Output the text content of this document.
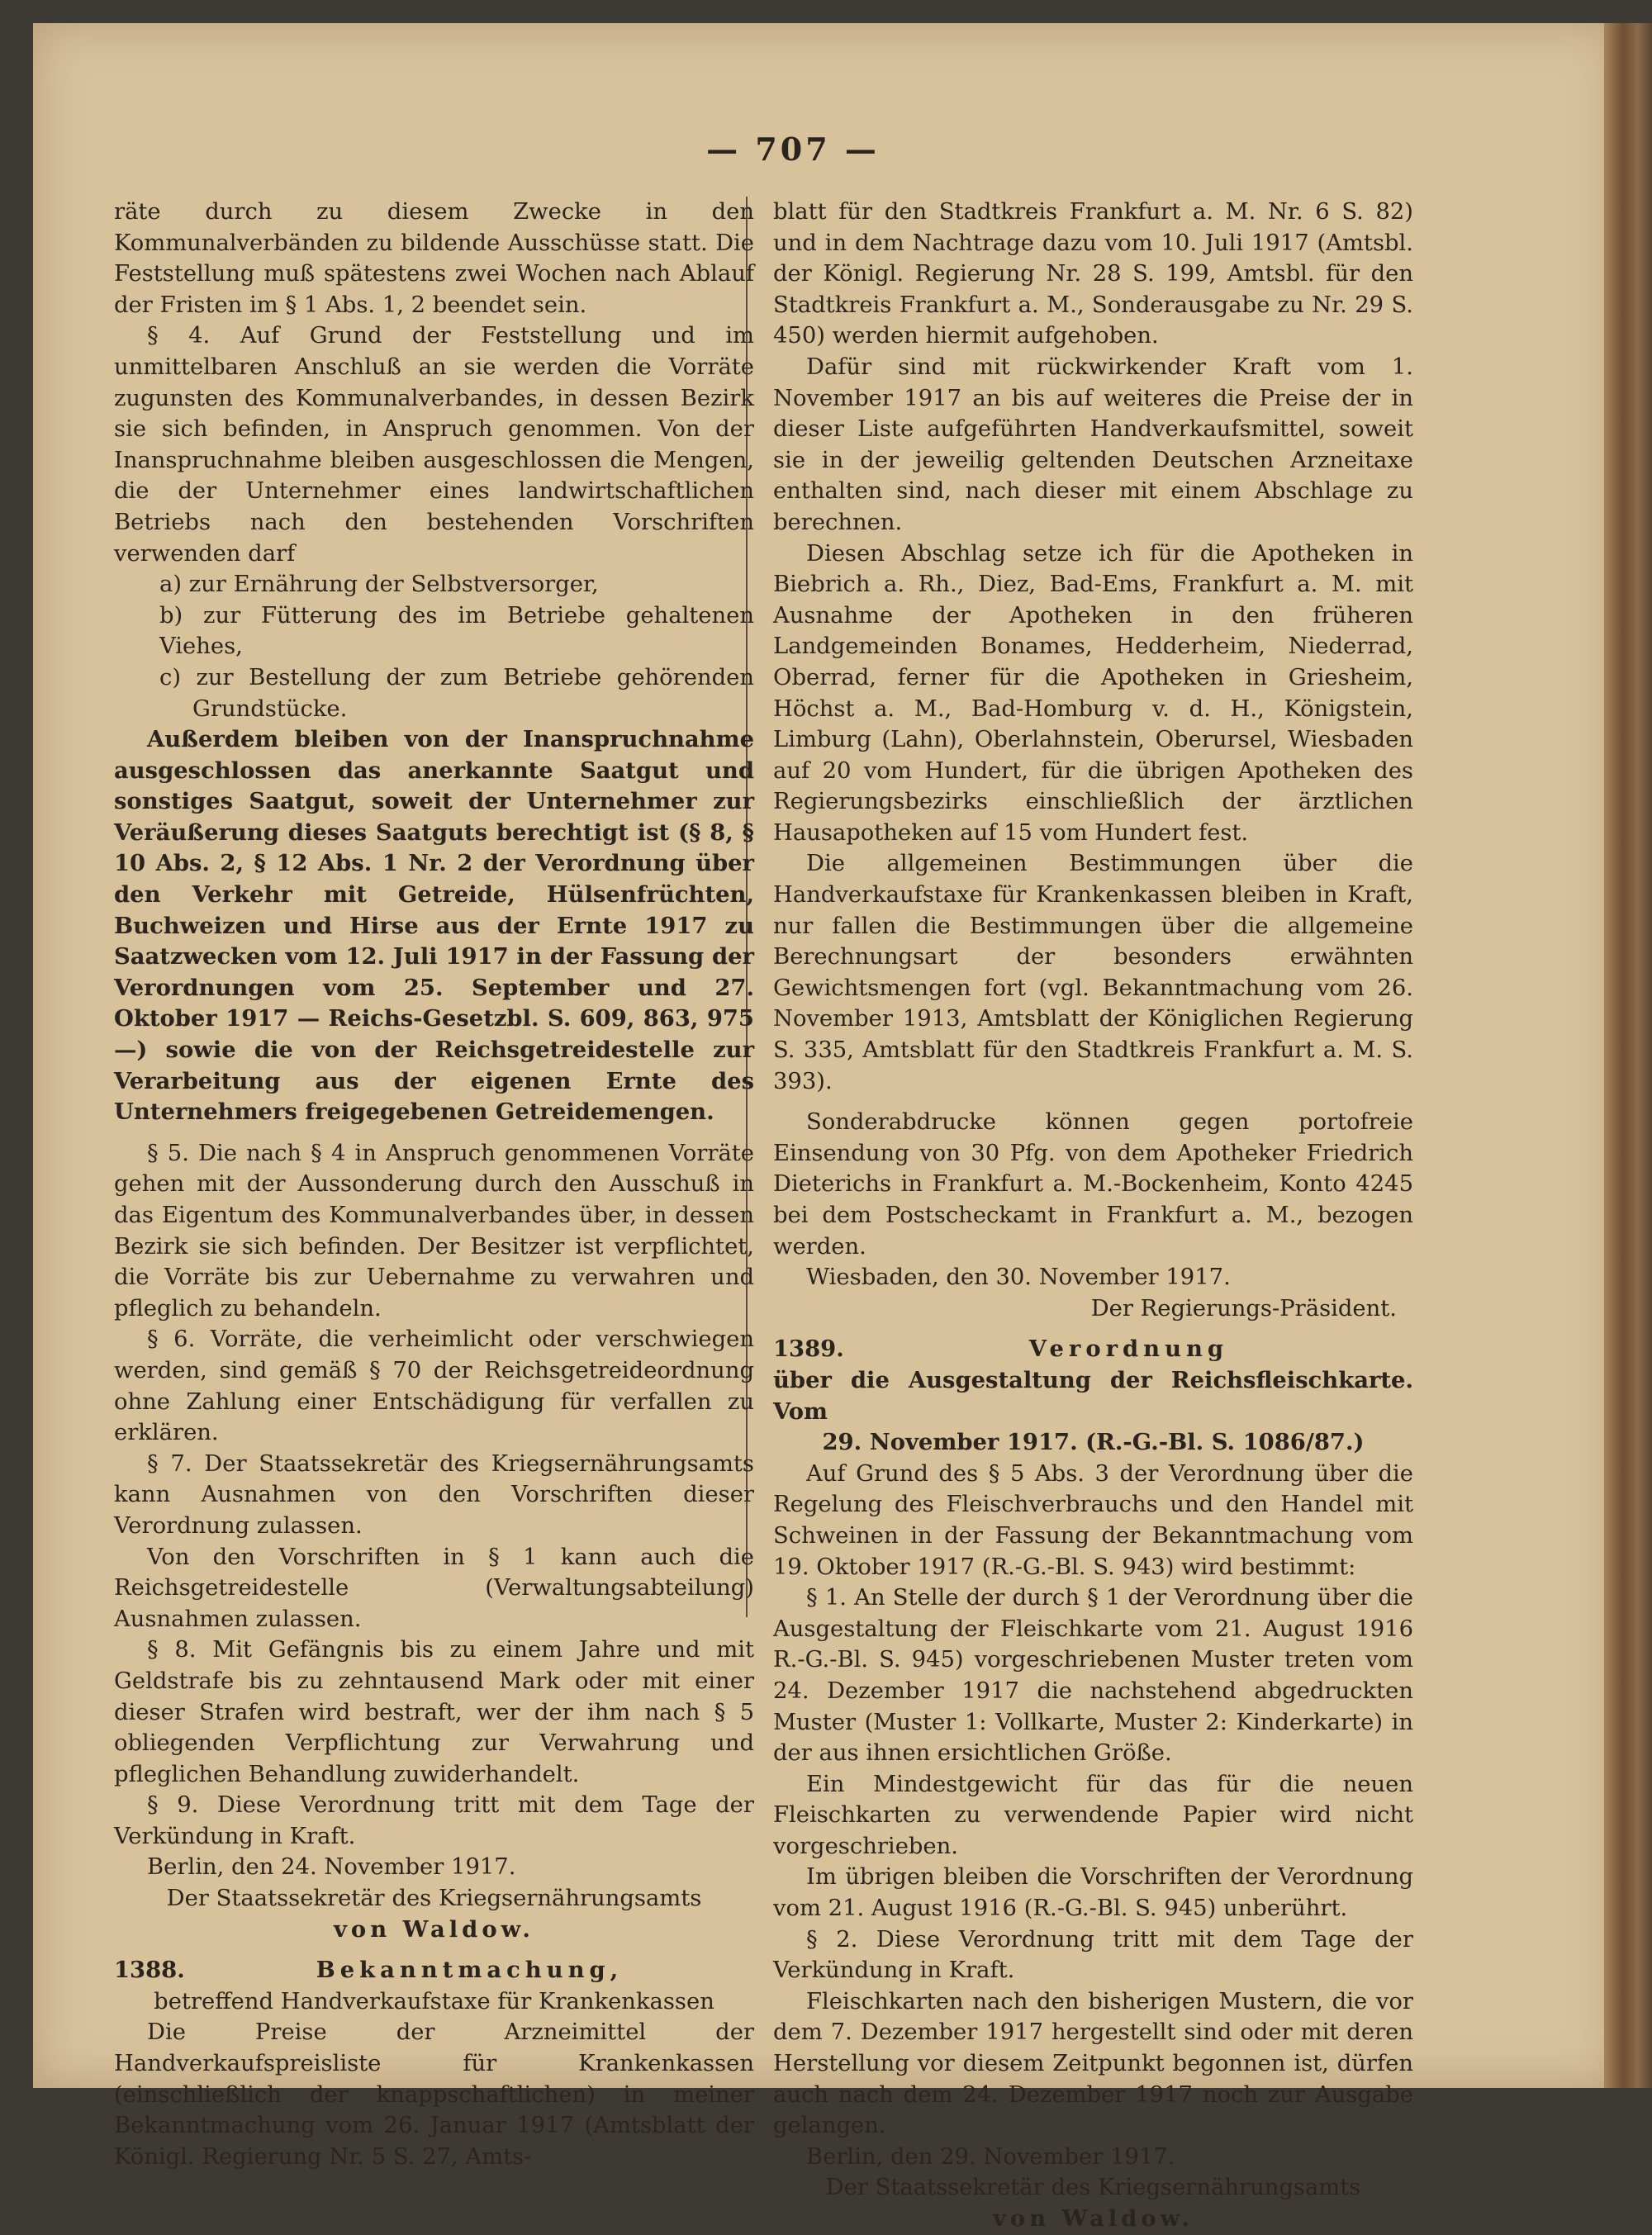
— 707 —

räte durch zu diesem Zwecke in den Kommunalverbänden zu bildende Ausschüsse statt. Die Feststellung muß spätestens zwei Wochen nach Ablauf der Fristen im § 1 Abs. 1, 2 beendet sein.

§ 4. Auf Grund der Feststellung und im unmittelbaren Anschluß an sie werden die Vorräte zugunsten des Kommunalverbandes, in dessen Bezirk sie sich befinden, in Anspruch genommen. Von der Inanspruchnahme bleiben ausgeschlossen die Mengen, die der Unternehmer eines landwirtschaftlichen Betriebs nach den bestehenden Vorschriften verwenden darf

a) zur Ernährung der Selbstversorger,

b) zur Fütterung des im Betriebe gehaltenen Viehes,

c) zur Bestellung der zum Betriebe gehörenden Grundstücke.

Außerdem bleiben von der Inanspruchnahme ausgeschlossen das anerkannte Saatgut und sonstiges Saatgut, soweit der Unternehmer zur Veräußerung dieses Saatguts berechtigt ist (§ 8, § 10 Abs. 2, § 12 Abs. 1 Nr. 2 der Verordnung über den Verkehr mit Getreide, Hülsenfrüchten, Buchweizen und Hirse aus der Ernte 1917 zu Saatzwecken vom 12. Juli 1917 in der Fassung der Verordnungen vom 25. September und 27. Oktober 1917 — Reichs-Gesetzbl. S. 609, 863, 975 —) sowie die von der Reichsgetreidestelle zur Verarbeitung aus der eigenen Ernte des Unternehmers freigegebenen Getreidemengen.

§ 5. Die nach § 4 in Anspruch genommenen Vorräte gehen mit der Aussonderung durch den Ausschuß in das Eigentum des Kommunalverbandes über, in dessen Bezirk sie sich befinden. Der Besitzer ist verpflichtet, die Vorräte bis zur Uebernahme zu verwahren und pfleglich zu behandeln.

§ 6. Vorräte, die verheimlicht oder verschwiegen werden, sind gemäß § 70 der Reichsgetreideordnung ohne Zahlung einer Entschädigung für verfallen zu erklären.

§ 7. Der Staatssekretär des Kriegsernährungsamts kann Ausnahmen von den Vorschriften dieser Verordnung zulassen.

Von den Vorschriften in § 1 kann auch die Reichsgetreidestelle (Verwaltungsabteilung) Ausnahmen zulassen.

§ 8. Mit Gefängnis bis zu einem Jahre und mit Geldstrafe bis zu zehntausend Mark oder mit einer dieser Strafen wird bestraft, wer der ihm nach § 5 obliegenden Verpflichtung zur Verwahrung und pfleglichen Behandlung zuwiderhandelt.

§ 9. Diese Verordnung tritt mit dem Tage der Verkündung in Kraft.

Berlin, den 24. November 1917.

Der Staatssekretär des Kriegsernährungsamts

von Waldow.

1388.	Bekanntmachung,

betreffend Handverkaufstaxe für Krankenkassen

Die Preise der Arzneimittel der Handverkaufspreisliste für Krankenkassen (einschließlich der knappschaftlichen) in meiner Bekanntmachung vom 26. Januar 1917 (Amtsblatt der Königl. Regierung Nr. 5 S. 27, Amts-

blatt für den Stadtkreis Frankfurt a. M. Nr. 6 S. 82) und in dem Nachtrage dazu vom 10. Juli 1917 (Amtsbl. der Königl. Regierung Nr. 28 S. 199, Amtsbl. für den Stadtkreis Frankfurt a. M., Sonderausgabe zu Nr. 29 S. 450) werden hiermit aufgehoben.

Dafür sind mit rückwirkender Kraft vom 1. November 1917 an bis auf weiteres die Preise der in dieser Liste aufgeführten Handverkaufsmittel, soweit sie in der jeweilig geltenden Deutschen Arzneitaxe enthalten sind, nach dieser mit einem Abschlage zu berechnen.

Diesen Abschlag setze ich für die Apotheken in Biebrich a. Rh., Diez, Bad-Ems, Frankfurt a. M. mit Ausnahme der Apotheken in den früheren Landgemeinden Bonames, Hedderheim, Niederrad, Oberrad, ferner für die Apotheken in Griesheim, Höchst a. M., Bad-Homburg v. d. H., Königstein, Limburg (Lahn), Oberlahnstein, Oberursel, Wiesbaden auf 20 vom Hundert, für die übrigen Apotheken des Regierungsbezirks einschließlich der ärztlichen Hausapotheken auf 15 vom Hundert fest.

Die allgemeinen Bestimmungen über die Handverkaufstaxe für Krankenkassen bleiben in Kraft, nur fallen die Bestimmungen über die allgemeine Berechnungsart der besonders erwähnten Gewichtsmengen fort (vgl. Bekanntmachung vom 26. November 1913, Amtsblatt der Königlichen Regierung S. 335, Amtsblatt für den Stadtkreis Frankfurt a. M. S. 393).

Sonderabdrucke können gegen portofreie Einsendung von 30 Pfg. von dem Apotheker Friedrich Dieterichs in Frankfurt a. M.-Bockenheim, Konto 4245 bei dem Postscheckamt in Frankfurt a. M., bezogen werden.

Wiesbaden, den 30. November 1917.

Der Regierungs-Präsident.

1389.	Verordnung

über die Ausgestaltung der Reichsfleischkarte. Vom

29. November 1917. (R.-G.-Bl. S. 1086/87.)

Auf Grund des § 5 Abs. 3 der Verordnung über die Regelung des Fleischverbrauchs und den Handel mit Schweinen in der Fassung der Bekanntmachung vom 19. Oktober 1917 (R.-G.-Bl. S. 943) wird bestimmt:

§ 1. An Stelle der durch § 1 der Verordnung über die Ausgestaltung der Fleischkarte vom 21. August 1916 R.-G.-Bl. S. 945) vorgeschriebenen Muster treten vom 24. Dezember 1917 die nachstehend abgedruckten Muster (Muster 1: Vollkarte, Muster 2: Kinderkarte) in der aus ihnen ersichtlichen Größe.

Ein Mindestgewicht für das für die neuen Fleischkarten zu verwendende Papier wird nicht vorgeschrieben.

Im übrigen bleiben die Vorschriften der Verordnung vom 21. August 1916 (R.-G.-Bl. S. 945) unberührt.

§ 2. Diese Verordnung tritt mit dem Tage der Verkündung in Kraft.

Fleischkarten nach den bisherigen Mustern, die vor dem 7. Dezember 1917 hergestellt sind oder mit deren Herstellung vor diesem Zeitpunkt begonnen ist, dürfen auch nach dem 24. Dezember 1917 noch zur Ausgabe gelangen.

Berlin, den 29. November 1917.

Der Staatssekretär des Kriegsernährungsamts

von Waldow.
